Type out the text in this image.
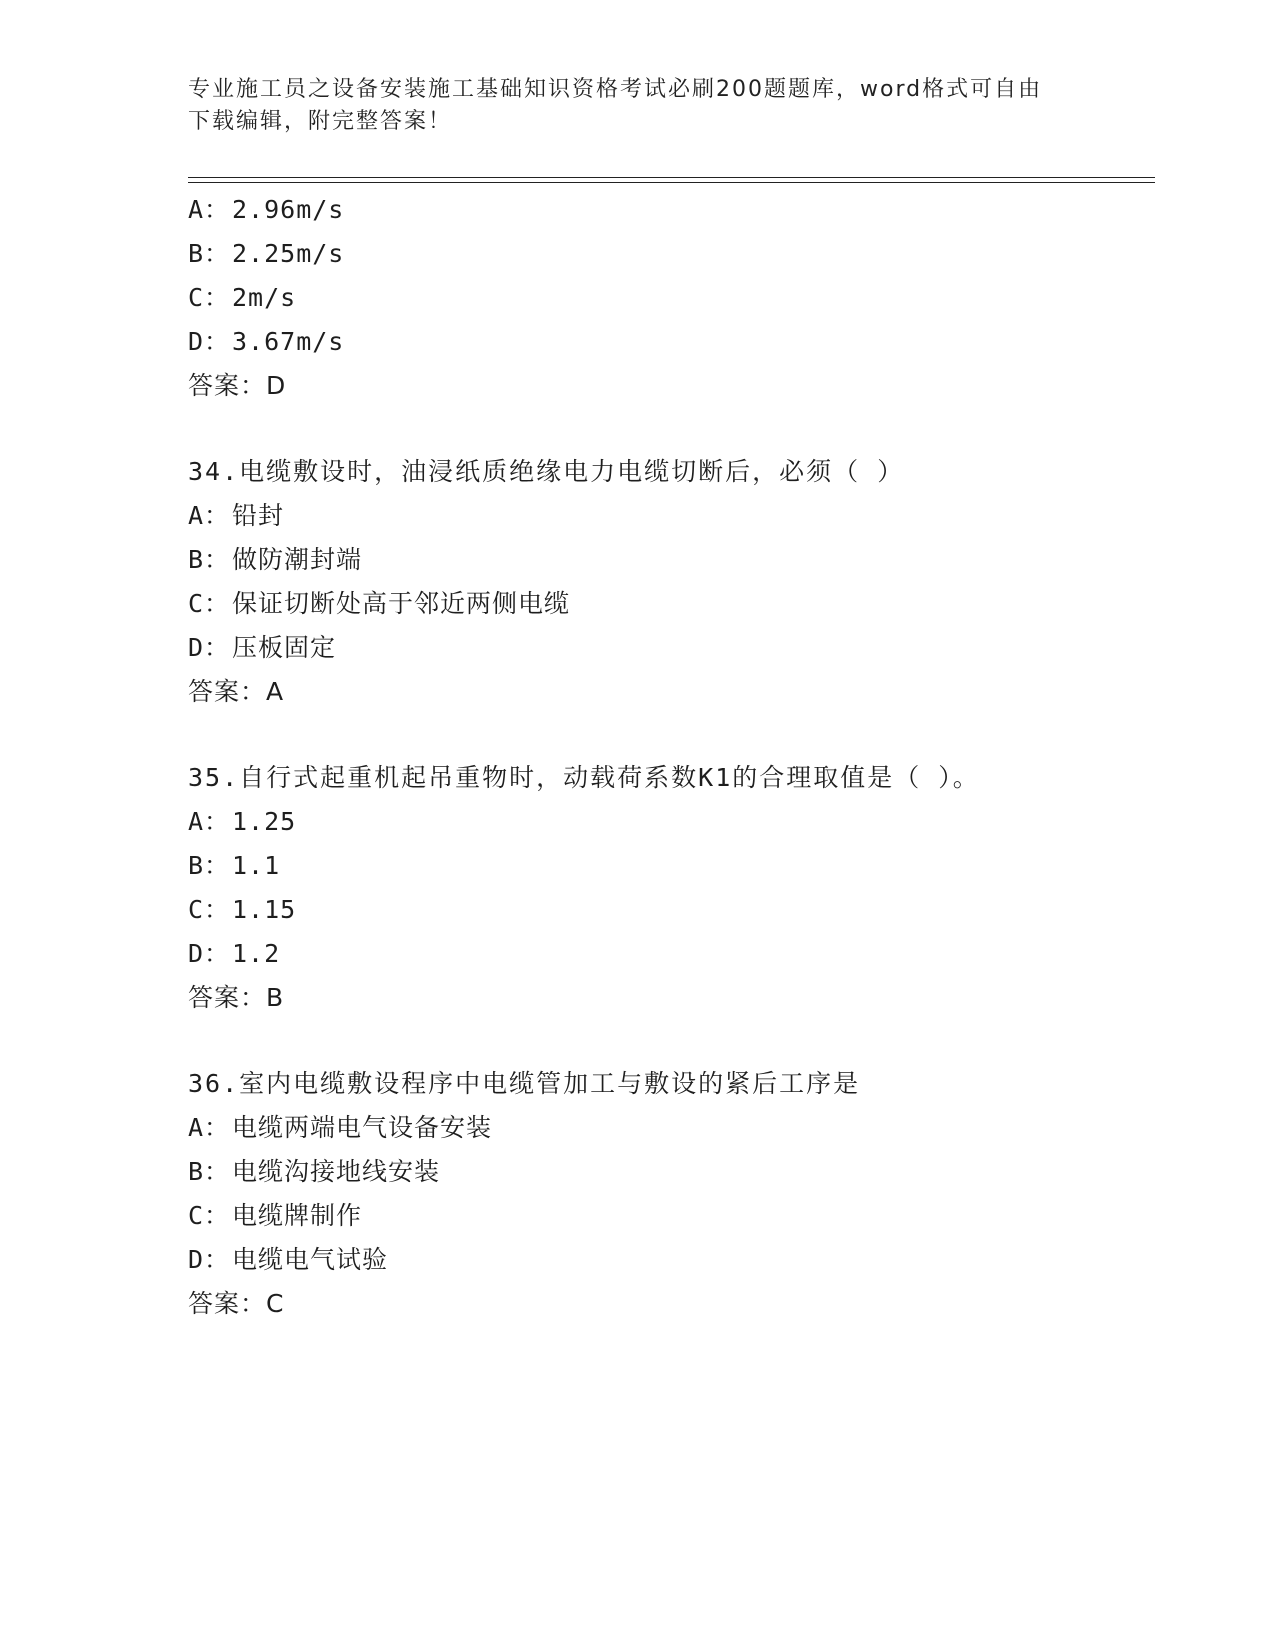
专业施工员之设备安装施工基础知识资格考试必刷200题题库，word格式可自由
下载编辑，附完整答案！
A：2.96m/s
B：2.25m/s
C：2m/s
D：3.67m/s
答案：D
34.电缆敷设时，油浸纸质绝缘电力电缆切断后，必须（ ）
A：铅封
B：做防潮封端
C：保证切断处高于邻近两侧电缆
D：压板固定
答案：A
35.自行式起重机起吊重物时，动载荷系数K1的合理取值是（ ）。
A：1.25
B：1.1
C：1.15
D：1.2
答案：B
36.室内电缆敷设程序中电缆管加工与敷设的紧后工序是
A：电缆两端电气设备安装
B：电缆沟接地线安装
C：电缆牌制作
D：电缆电气试验
答案：C
